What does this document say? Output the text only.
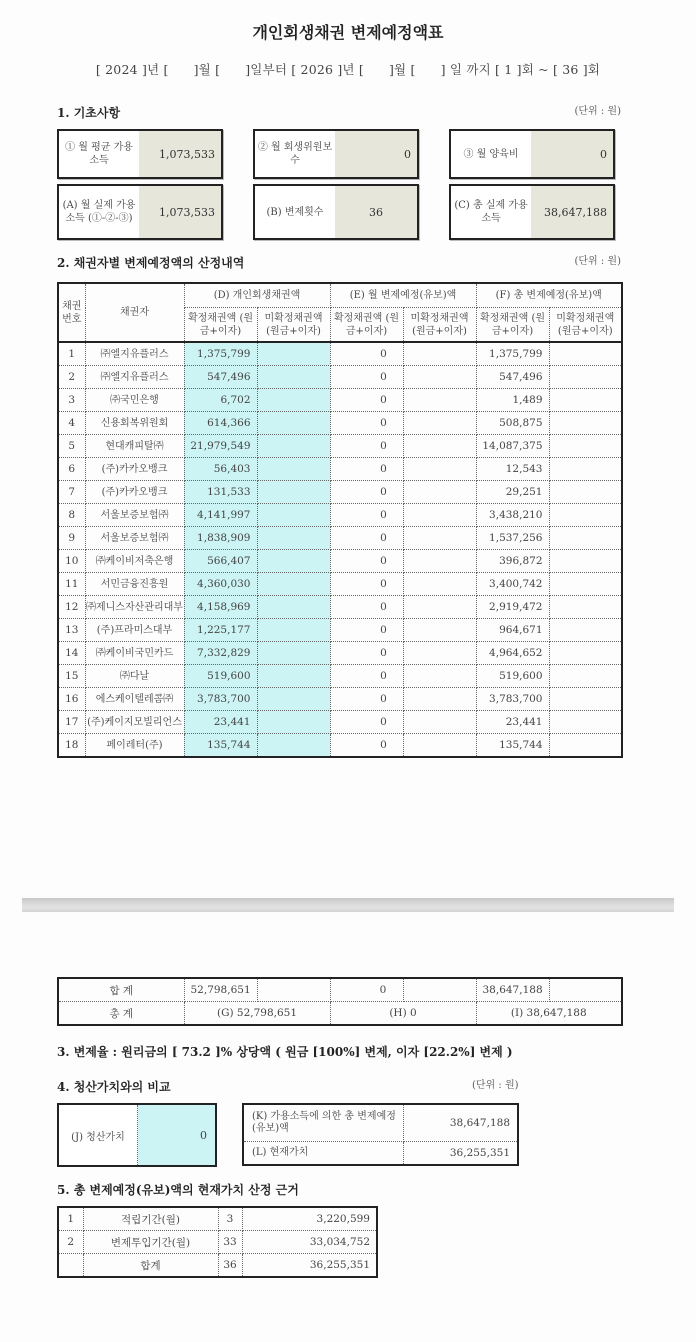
개인회생채권 변제예정액표
[ 2024 ]년 [      ]월 [      ]일부터 [ 2026 ]년 [      ]월 [      ] 일 까지 [ 1 ]회 ~ [ 36 ]회
1. 기초사항	(단위 : 원)
① 월 평균 가용소득	1,073,533	② 월 회생위원보수	0	③ 월 양육비	0
(A) 월 실제 가용소득 (①-②-③)	1,073,533	(B) 변제횟수	36	(C) 총 실제 가용소득	38,647,188
2. 채권자별 변제예정액의 산정내역	(단위 : 원)
채권 번호	채권자	(D) 개인회생채권액		(E) 월 변제예정(유보)액		(F) 총 변제예정(유보)액	
		확정채권액 (원금+이자)	미확정채권액 (원금+이자)	확정채권액 (원금+이자)	미확정채권액 (원금+이자)	확정채권액 (원금+이자)	미확정채권액 (원금+이자)
1	㈜엘지유플러스	1,375,799		0		1,375,799	
2	㈜엘지유플러스	547,496		0		547,496	
3	㈜국민은행	6,702		0		1,489	
4	신용회복위원회	614,366		0		508,875	
5	현대캐피탈㈜	21,979,549		0		14,087,375	
6	(주)카카오뱅크	56,403		0		12,543	
7	(주)카카오뱅크	131,533		0		29,251	
8	서울보증보험㈜	4,141,997		0		3,438,210	
9	서울보증보험㈜	1,838,909		0		1,537,256	
10	㈜케이비저축은행	566,407		0		396,872	
11	서민금융진흥원	4,360,030		0		3,400,742	
12	㈜제니스자산관리대부	4,158,969		0		2,919,472	
13	(주)프라미스대부	1,225,177		0		964,671	
14	㈜케이비국민카드	7,332,829		0		4,964,652	
15	㈜다날	519,600		0		519,600	
16	에스케이텔레콤㈜	3,783,700		0		3,783,700	
17	(주)케이지모빌리언스	23,441		0		23,441	
18	페이레터(주)	135,744		0		135,744	
합 계	52,798,651		0		38,647,188	
총 계	(G) 52,798,651		(H) 0		(I) 38,647,188	
3. 변제율 : 원리금의 [ 73.2 ]% 상당액 ( 원금 [100%] 변제, 이자 [22.2%] 변제 )
4. 청산가치와의 비교	(단위 : 원)
(J) 청산가치	0
(K) 가용소득에 의한 총 변제예정(유보)액	38,647,188
(L) 현재가치	36,255,351
5. 총 변제예정(유보)액의 현재가치 산정 근거
1	적립기간(월)	3	3,220,599
2	변제투입기간(월)	33	33,034,752
	합계	36	36,255,351
